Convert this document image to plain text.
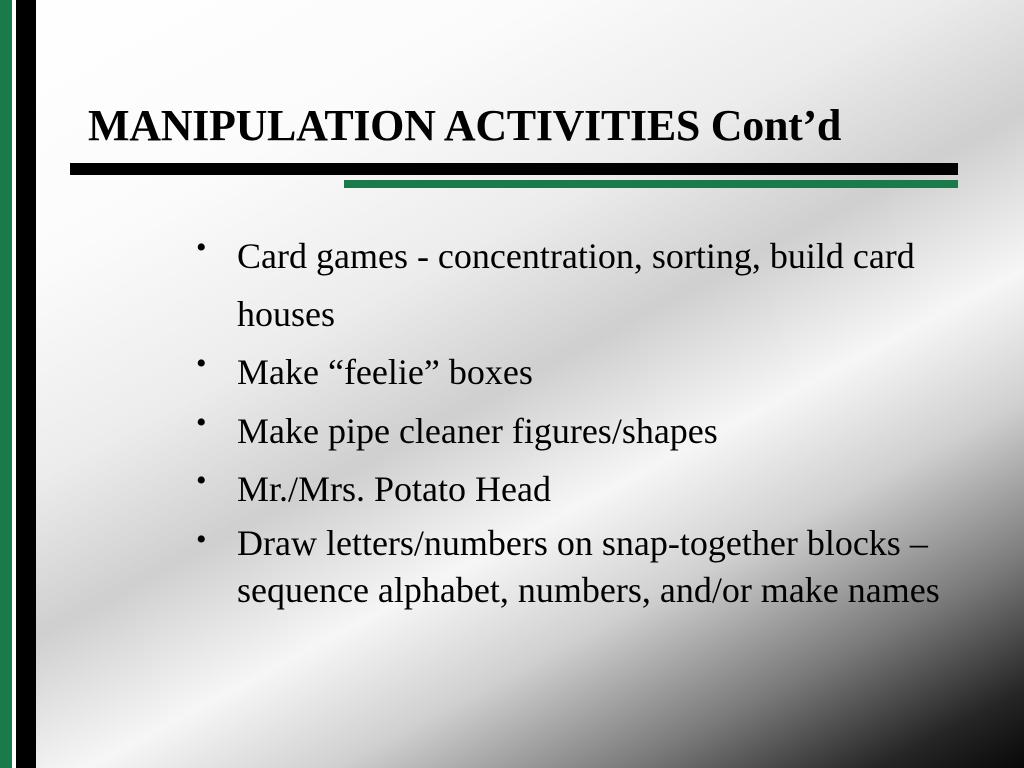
MANIPULATION ACTIVITIES Cont’d
• Card games - concentration, sorting, build card houses
• Make “feelie” boxes
• Make pipe cleaner figures/shapes
• Mr./Mrs. Potato Head
• Draw letters/numbers on snap-together blocks – sequence alphabet, numbers, and/or make names
